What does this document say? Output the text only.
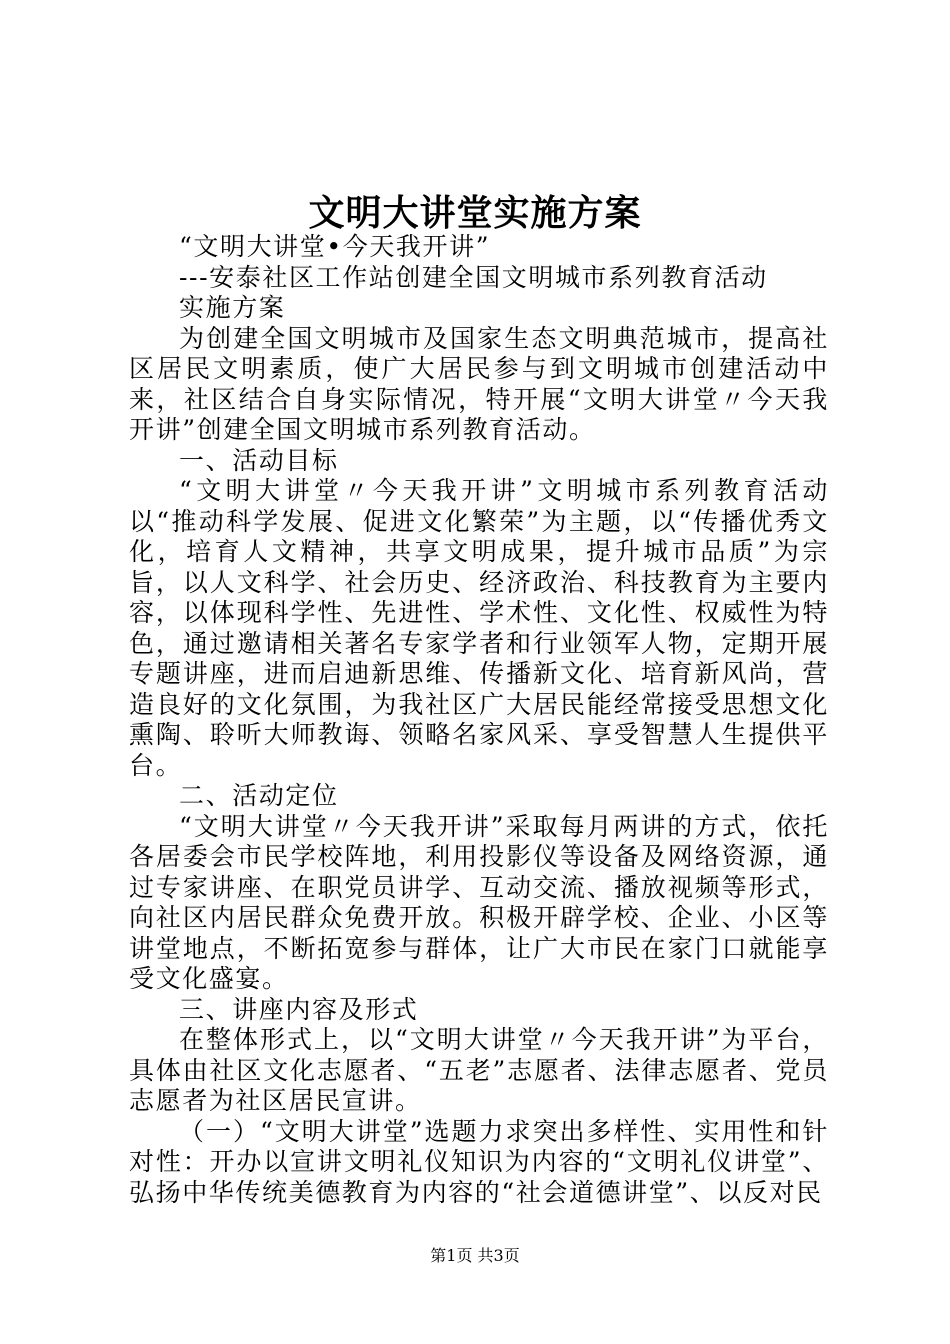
文明大讲堂实施方案

“文明大讲堂•今天我开讲”

---安泰社区工作站创建全国文明城市系列教育活动

实施方案

为创建全国文明城市及国家生态文明典范城市，提高社区居民文明素质，使广大居民参与到文明城市创建活动中来，社区结合自身实际情况，特开展“文明大讲堂〃今天我开讲”创建全国文明城市系列教育活动。

一、活动目标

“文明大讲堂〃今天我开讲”文明城市系列教育活动以“推动科学发展、促进文化繁荣”为主题，以“传播优秀文化，培育人文精神，共享文明成果，提升城市品质”为宗旨，以人文科学、社会历史、经济政治、科技教育为主要内容，以体现科学性、先进性、学术性、文化性、权威性为特色，通过邀请相关著名专家学者和行业领军人物，定期开展专题讲座，进而启迪新思维、传播新文化、培育新风尚，营造良好的文化氛围，为我社区广大居民能经常接受思想文化熏陶、聆听大师教诲、领略名家风采、享受智慧人生提供平台。

二、活动定位

“文明大讲堂〃今天我开讲”采取每月两讲的方式，依托各居委会市民学校阵地，利用投影仪等设备及网络资源，通过专家讲座、在职党员讲学、互动交流、播放视频等形式，向社区内居民群众免费开放。积极开辟学校、企业、小区等讲堂地点，不断拓宽参与群体，让广大市民在家门口就能享受文化盛宴。

三、讲座内容及形式

在整体形式上，以“文明大讲堂〃今天我开讲”为平台，具体由社区文化志愿者、“五老”志愿者、法律志愿者、党员志愿者为社区居民宣讲。

（一）“文明大讲堂”选题力求突出多样性、实用性和针对性：开办以宣讲文明礼仪知识为内容的“文明礼仪讲堂”、弘扬中华传统美德教育为内容的“社会道德讲堂”、以反对民

第1页 共3页
